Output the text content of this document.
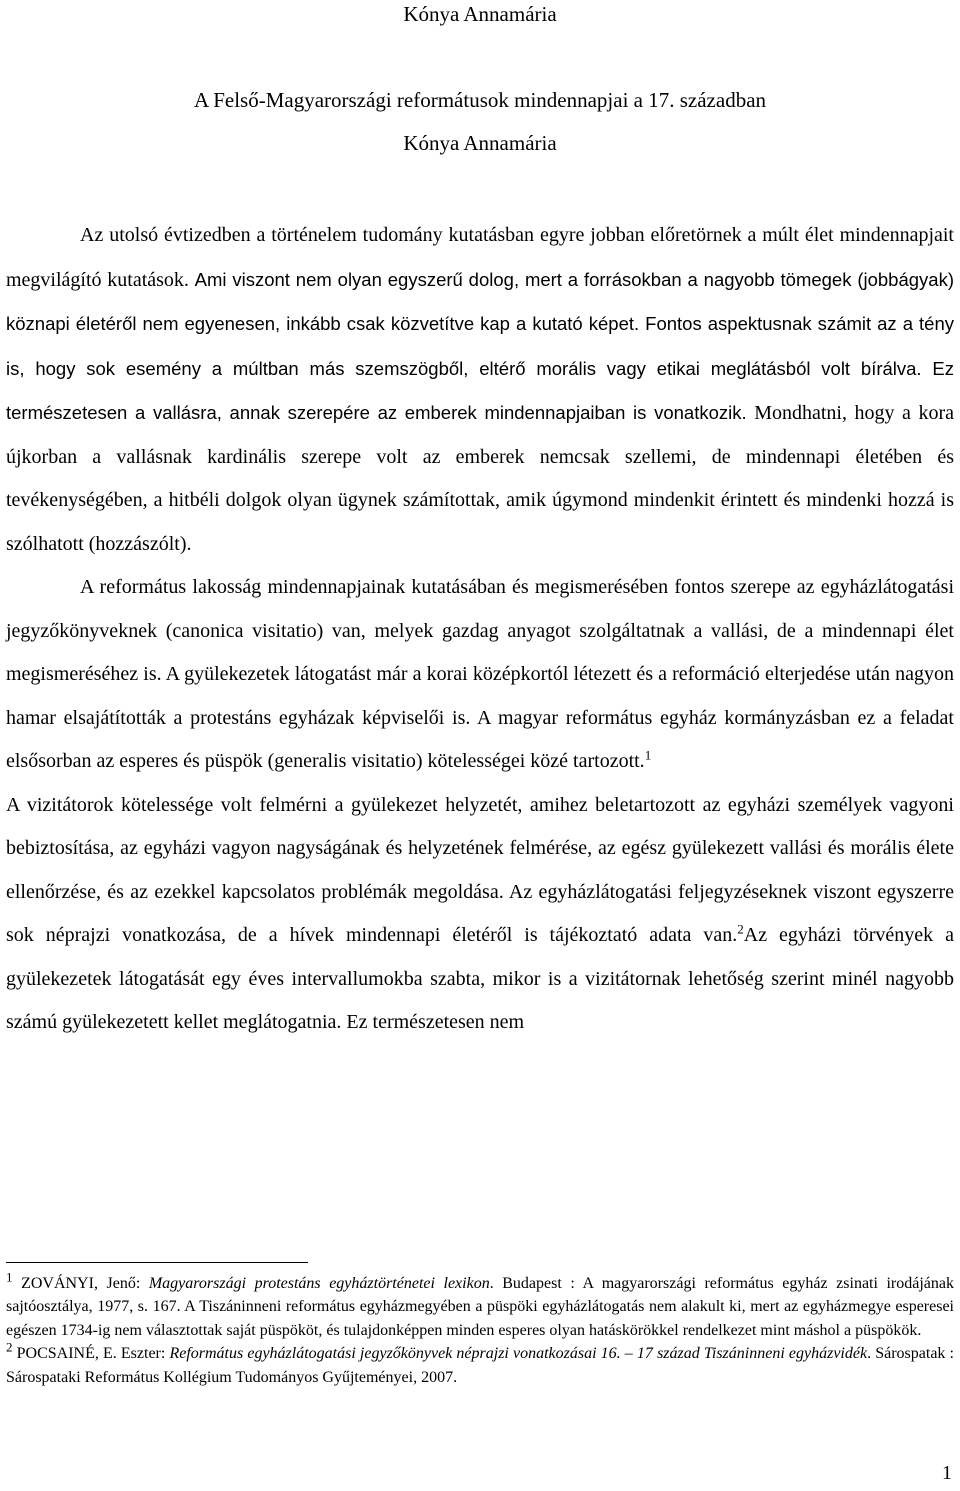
Kónya Annamária
A Felső-Magyarországi reformátusok mindennapjai a 17. században
Kónya Annamária

Az utolsó évtizedben a történelem tudomány kutatásban egyre jobban előretörnek a múlt élet mindennapjait megvilágító kutatások. Ami viszont nem olyan egyszerű dolog, mert a forrásokban a nagyobb tömegek (jobbágyak) köznapi életéről nem egyenesen, inkább csak közvetítve kap a kutató képet. Fontos aspektusnak számit az a tény is, hogy sok esemény a múltban más szemszögből, eltérő morális vagy etikai meglátásból volt bírálva. Ez természetesen a vallásra, annak szerepére az emberek mindennapjaiban is vonatkozik. Mondhatni, hogy a kora újkorban a vallásnak kardinális szerepe volt az emberek nemcsak szellemi, de mindennapi életében és tevékenységében, a hitbéli dolgok olyan ügynek számítottak, amik úgymond mindenkit érintett és mindenki hozzá is szólhatott (hozzászólt).

A református lakosság mindennapjainak kutatásában és megismerésében fontos szerepe az egyházlátogatási jegyzőkönyveknek (canonica visitatio) van, melyek gazdag anyagot szolgáltatnak a vallási, de a mindennapi élet megismeréséhez is. A gyülekezetek látogatást már a korai középkortól létezett és a reformáció elterjedése után nagyon hamar elsajátították a protestáns egyházak képviselői is. A magyar református egyház kormányzásban ez a feladat elsősorban az esperes és püspök (generalis visitatio) kötelességei közé tartozott.$^1$

A vizitátorok kötelessége volt felmérni a gyülekezet helyzetét, amihez beletartozott az egyházi személyek vagyoni bebiztosítása, az egyházi vagyon nagyságának és helyzetének felmérése, az egész gyülekezett vallási és morális élete ellenőrzése, és az ezekkel kapcsolatos problémák megoldása. Az egyházlátogatási feljegyzéseknek viszont egyszerre sok néprajzi vonatkozása, de a hívek mindennapi életéről is tájékoztató adata van.$^2$Az egyházi törvények a gyülekezetek látogatását egy éves intervallumokba szabta, mikor is a vizitátornak lehetőség szerint minél nagyobb számú gyülekezetett kellet meglátogatnia. Ez természetesen nem

$^1$ ZOVÁNYI, Jenő: Magyarországi protestáns egyháztörténetei lexikon. Budapest : A magyarországi református egyház zsinati irodájának sajtóosztálya, 1977, s. 167. A Tiszáninneni református egyházmegyében a püspöki egyházlátogatás nem alakult ki, mert az egyházmegye esperesei egészen 1734-ig nem választottak saját püspököt, és tulajdonképpen minden esperes olyan hatáskörökkel rendelkezet mint máshol a püspökök.

$^2$ POCSAINÉ, E. Eszter: Református egyházlátogatási jegyzőkönyvek néprajzi vonatkozásai 16. – 17 század Tiszáninneni egyházvidék. Sárospatak : Sárospataki Református Kollégium Tudományos Gyűjteményei, 2007.

1
